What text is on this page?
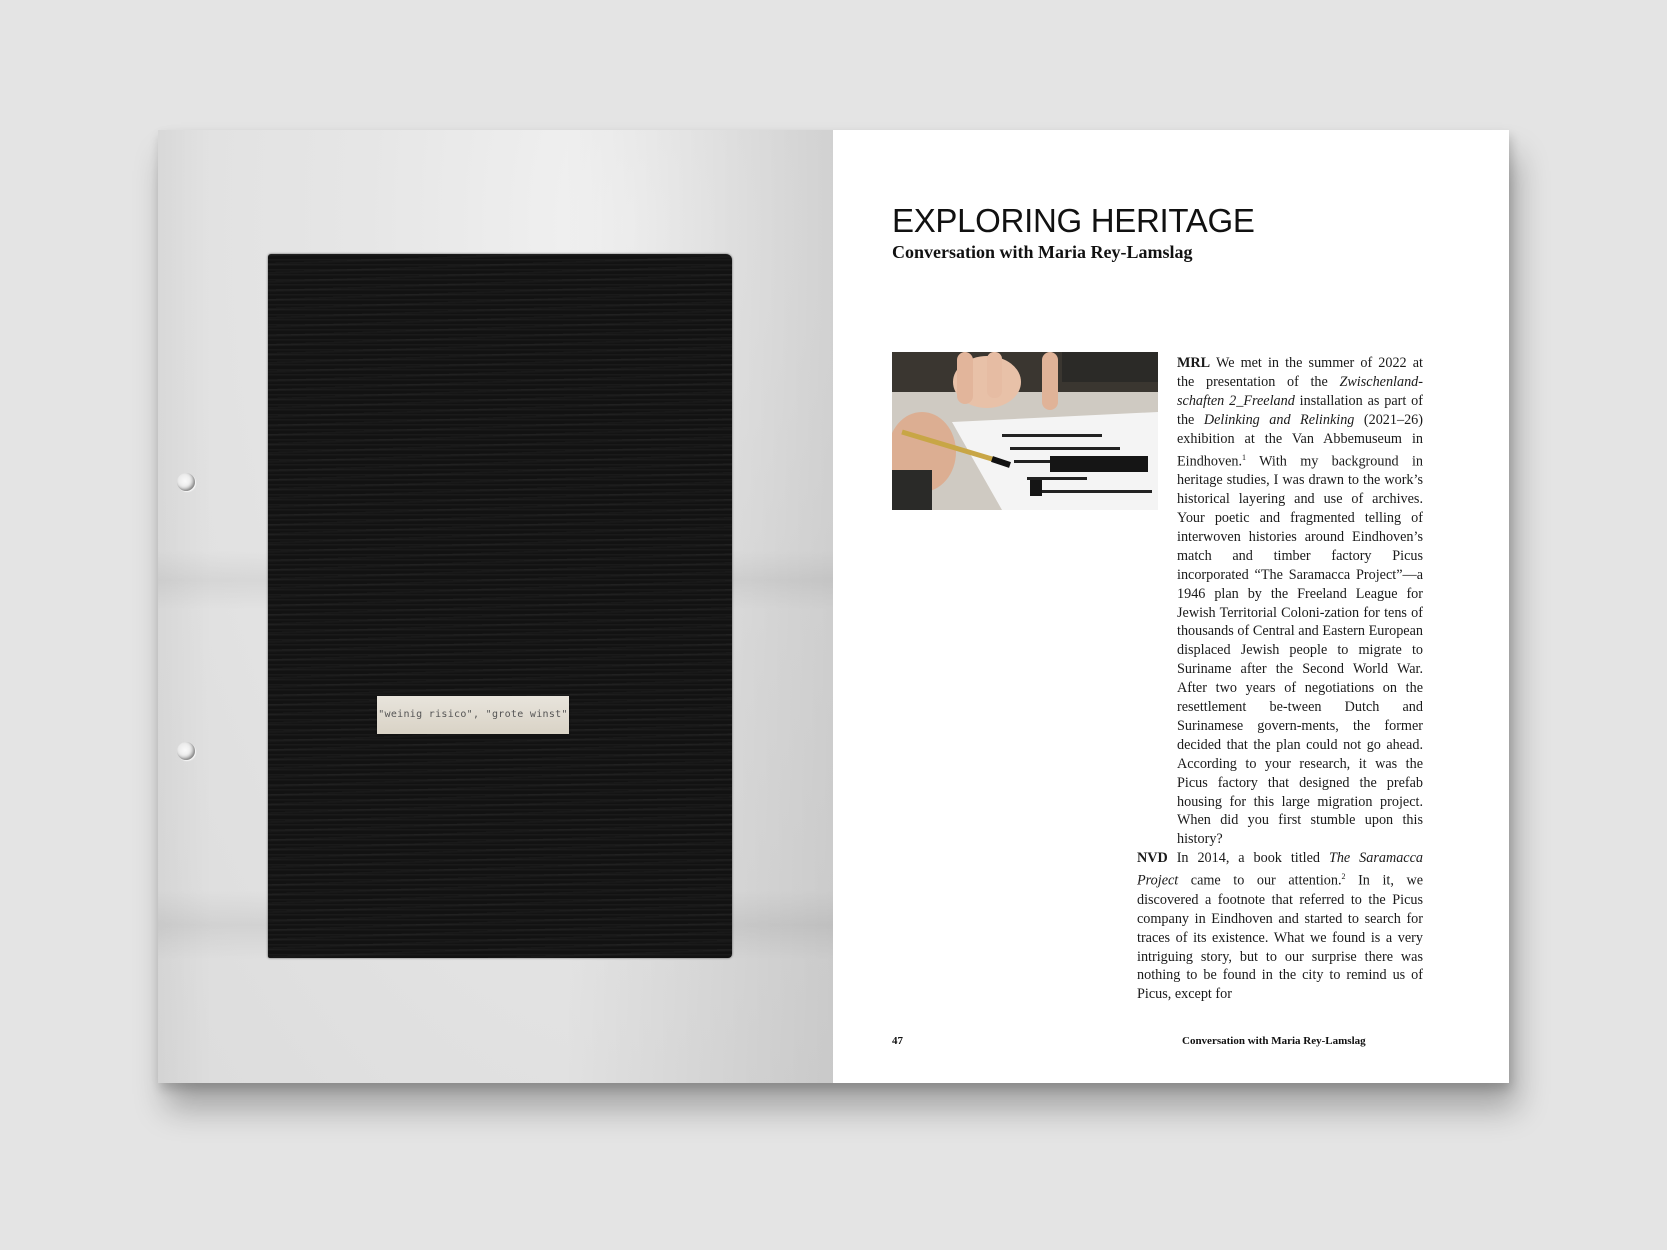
"weinig risico", "grote winst"
EXPLORING HERITAGE
Conversation with Maria Rey-Lamslag

MRL We met in the summer of 2022 at the presentation of the Zwischenland-schaften 2_Freeland installation as part of the Delinking and Relinking (2021–26) exhibition at the Van Abbemuseum in Eindhoven.$^1$ With my background in heritage studies, I was drawn to the work’s historical layering and use of archives. Your poetic and fragmented telling of interwoven histories around Eindhoven’s match and timber factory Picus incorporated “The Saramacca Project”—a 1946 plan by the Freeland League for Jewish Territorial Coloni-zation for tens of thousands of Central and Eastern European displaced Jewish people to migrate to Suriname after the Second World War. After two years of negotiations on the resettlement be-tween Dutch and Surinamese govern-ments, the former decided that the plan could not go ahead. According to your research, it was the Picus factory that designed the prefab housing for this large migration project. When did you first stumble upon this history?

NVD In 2014, a book titled The Saramacca Project came to our attention.$^2$ In it, we discovered a footnote that referred to the Picus company in Eindhoven and started to search for traces of its existence. What we found is a very intriguing story, but to our surprise there was nothing to be found in the city to remind us of Picus, except for

47	Conversation with Maria Rey-Lamslag
